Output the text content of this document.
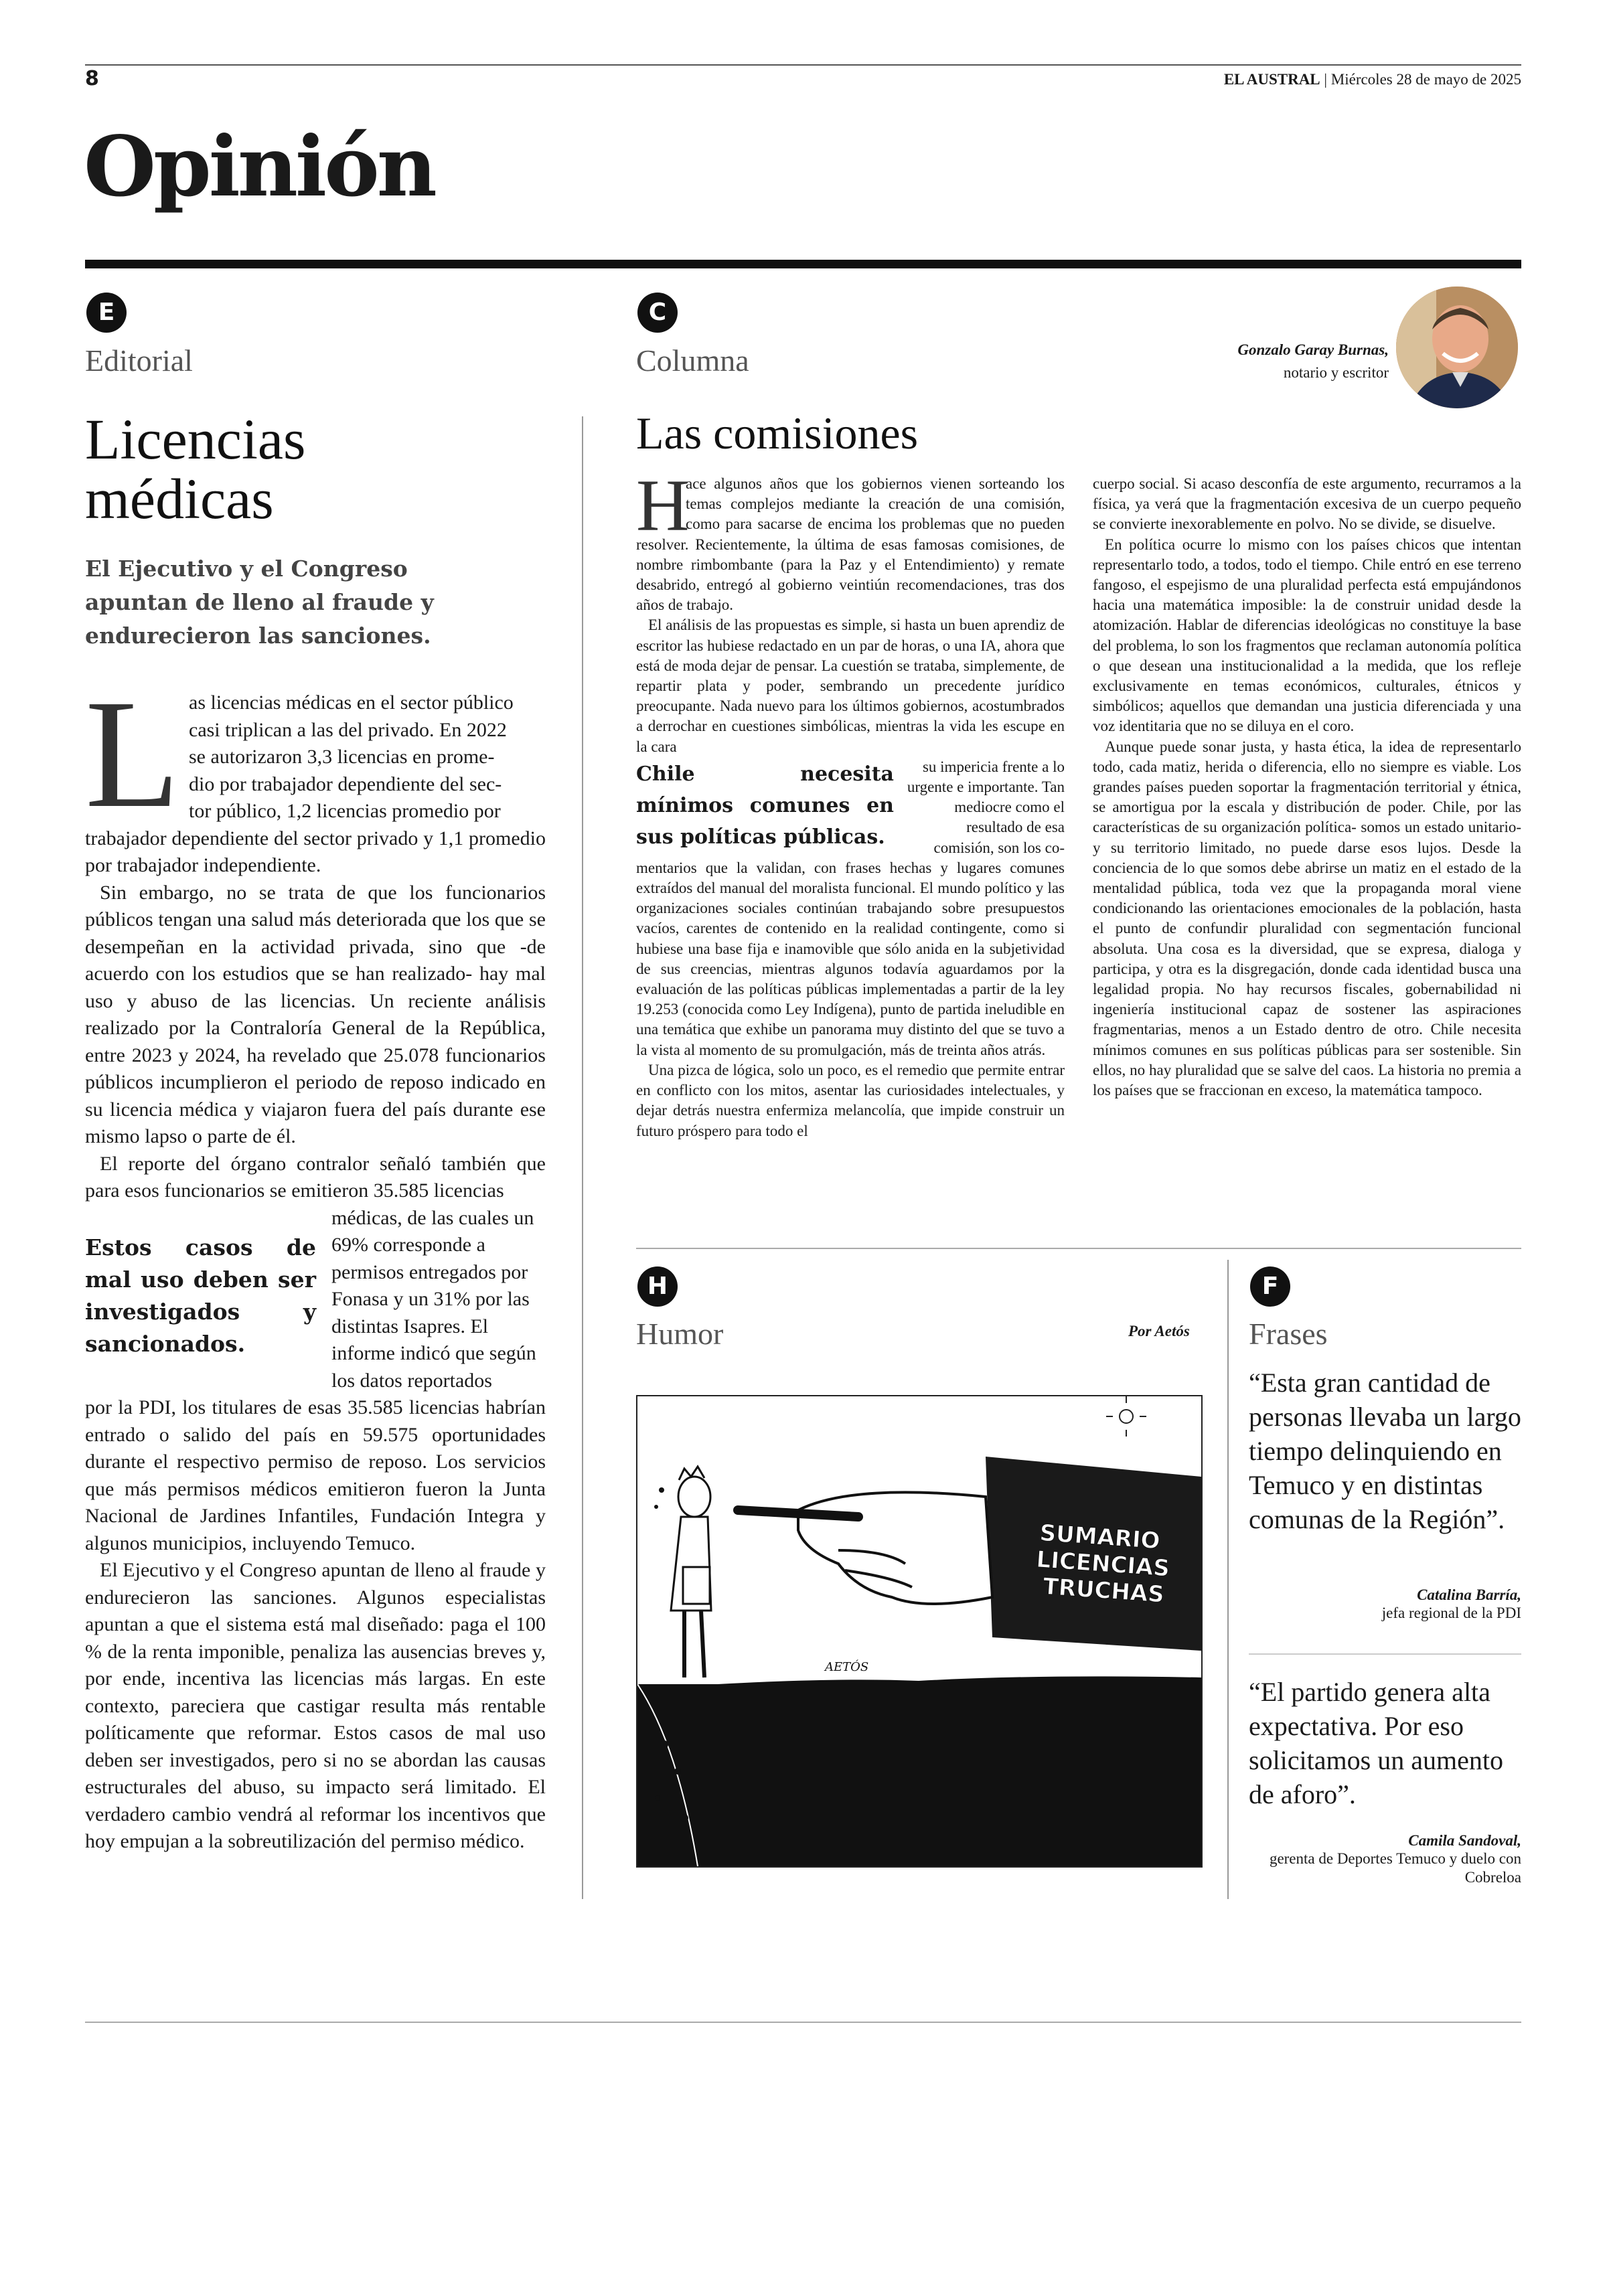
8	EL AUSTRAL | Miércoles 28 de mayo de 2025
Opinión
E
Editorial
Licencias
médicas
El Ejecutivo y el Congreso apuntan de lleno al fraude y endurecieron las sanciones.
L as licencias médicas en el sector público
casi triplican a las del privado. En 2022
se autorizaron 3,3 licencias en prome-
dio por trabajador dependiente del sec-
tor público, 1,2 licencias promedio por

trabajador dependiente del sector privado y 1,1 promedio por trabajador independiente.

Sin embargo, no se trata de que los funcionarios públicos tengan una salud más deteriorada que los que se desempeñan en la actividad privada, sino que -de acuerdo con los estudios que se han realizado- hay mal uso y abuso de las licencias. Un reciente análisis realizado por la Contraloría General de la República, entre 2023 y 2024, ha revelado que 25.078 funcionarios públicos incumplieron el periodo de reposo indicado en su licencia médica y viajaron fuera del país durante ese mismo lapso o parte de él.

El reporte del órgano contralor señaló también que para esos funcionarios se emitieron 35.585 licencias

Estos casos de mal uso deben ser investigados y sancionados.
médicas, de las cuales un 69% corresponde a permisos entregados por Fonasa y un 31% por las distintas Isapres. El informe indicó que según los datos reportados

por la PDI, los titulares de esas 35.585 licencias habrían entrado o salido del país en 59.575 oportunidades durante el respectivo permiso de reposo. Los servicios que más permisos médicos emitieron fueron la Junta Nacional de Jardines Infantiles, Fundación Integra y algunos municipios, incluyendo Temuco.

El Ejecutivo y el Congreso apuntan de lleno al fraude y endurecieron las sanciones. Algunos especialistas apuntan a que el sistema está mal diseñado: paga el 100 % de la renta imponible, penaliza las ausencias breves y, por ende, incentiva las licencias más largas. En este contexto, pareciera que castigar resulta más rentable políticamente que reformar. Estos casos de mal uso deben ser investigados, pero si no se abordan las causas estructurales del abuso, su impacto será limitado. El verdadero cambio vendrá al reformar los incentivos que hoy empujan a la sobreutilización del permiso médico.

C
Columna	Gonzalo Garay Burnas,
notario y escritor
Las comisiones
H

ace algunos años que los gobiernos vienen sorteando los temas complejos mediante la creación de una comisión, como para sacarse de encima los problemas que no pueden resolver. Recientemente, la última de esas famosas comisiones, de nombre rimbombante (para la Paz y el Entendimiento) y remate desabrido, entregó al gobierno veintiún recomendaciones, tras dos años de trabajo.

El análisis de las propuestas es simple, si hasta un buen aprendiz de escritor las hubiese redactado en un par de horas, o una IA, ahora que está de moda dejar de pensar. La cuestión se trataba, simplemente, de repartir plata y poder, sembrando un precedente jurídico preocupante. Nada nuevo para los últimos gobiernos, acostumbrados a derrochar en cuestiones simbólicas, mientras la vida les escupe en la cara

Chile necesita mínimos comunes en sus políticas públicas.
su impericia frente a lo urgente e importante. Tan mediocre como el resultado de esa comisión, son los co-

mentarios que la validan, con frases hechas y lugares comunes extraídos del manual del moralista funcional. El mundo político y las organizaciones sociales continúan trabajando sobre presupuestos vacíos, carentes de contenido en la realidad contingente, como si hubiese una base fija e inamovible que sólo anida en la subjetividad de sus creencias, mientras algunos todavía aguardamos por la evaluación de las políticas públicas implementadas a partir de la ley 19.253 (conocida como Ley Indígena), punto de partida ineludible en una temática que exhibe un panorama muy distinto del que se tuvo a la vista al momento de su promulgación, más de treinta años atrás.

Una pizca de lógica, solo un poco, es el remedio que permite entrar en conflicto con los mitos, asentar las curiosidades intelectuales, y dejar detrás nuestra enfermiza melancolía, que impide construir un futuro próspero para todo el

cuerpo social. Si acaso desconfía de este argumento, recurramos a la física, ya verá que la fragmentación excesiva de un cuerpo pequeño se convierte inexorablemente en polvo. No se divide, se disuelve.

En política ocurre lo mismo con los países chicos que intentan representarlo todo, a todos, todo el tiempo. Chile entró en ese terreno fangoso, el espejismo de una pluralidad perfecta está empujándonos hacia una matemática imposible: la de construir unidad desde la atomización. Hablar de diferencias ideológicas no constituye la base del problema, lo son los fragmentos que reclaman autonomía política o que desean una institucionalidad a la medida, que los refleje exclusivamente en temas económicos, culturales, étnicos y simbólicos; aquellos que demandan una justicia diferenciada y una voz identitaria que no se diluya en el coro.

Aunque puede sonar justa, y hasta ética, la idea de representarlo todo, cada matiz, herida o diferencia, ello no siempre es viable. Los grandes países pueden soportar la fragmentación territorial y étnica, se amortigua por la escala y distribución de poder. Chile, por las características de su organización política- somos un estado unitario- y su territorio limitado, no puede darse esos lujos. Desde la conciencia de lo que somos debe abrirse un matiz en el estado de la mentalidad pública, toda vez que la propaganda moral viene condicionando las orientaciones emocionales de la población, hasta el punto de confundir pluralidad con segmentación funcional absoluta. Una cosa es la diversidad, que se expresa, dialoga y participa, y otra es la disgregación, donde cada identidad busca una legalidad propia. No hay recursos fiscales, gobernabilidad ni ingeniería institucional capaz de sostener las aspiraciones fragmentarias, menos a un Estado dentro de otro. Chile necesita mínimos comunes en sus políticas públicas para ser sostenible. Sin ellos, no hay pluralidad que se salve del caos. La historia no premia a los países que se fraccionan en exceso, la matemática tampoco.

H
Humor	Por Aetós
SUMARIO
LICENCIAS
TRUCHAS
AETÓS
F
Frases
“Esta gran cantidad de personas llevaba un largo tiempo delinquiendo en Temuco y en distintas comunas de la Región”.
Catalina Barría,
jefa regional de la PDI
“El partido genera alta expectativa. Por eso solicitamos un aumento de aforo”.
Camila Sandoval,
gerenta de Deportes Temuco y duelo con Cobreloa
